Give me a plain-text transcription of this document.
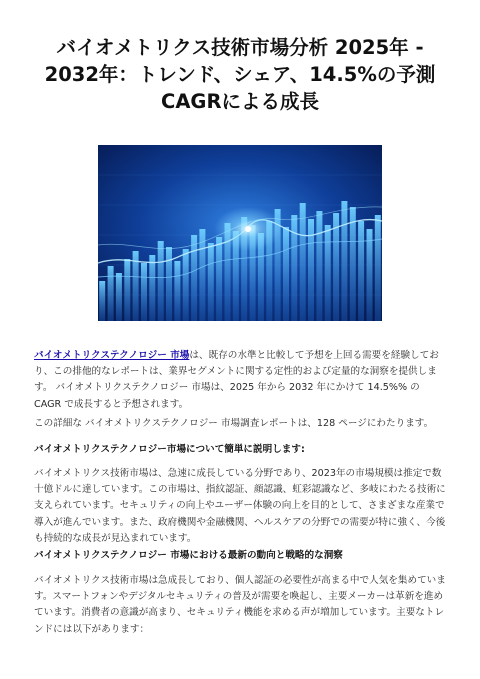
バイオメトリクス技術市場分析 2025年 - 2032年：トレンド、シェア、14.5%の予測CAGRによる成長

バイオメトリクステクノロジー 市場は、既存の水準と比較して予想を上回る需要を経験しており、この排他的なレポートは、業界セグメントに関する定性的および定量的な洞察を提供します。 バイオメトリクステクノロジー 市場は、2025 年から 2032 年にかけて 14.5%% の CAGR で成長すると予想されます。

この詳細な バイオメトリクステクノロジー 市場調査レポートは、128 ページにわたります。

バイオメトリクステクノロジー市場について簡単に説明します:

バイオメトリクス技術市場は、急速に成長している分野であり、2023年の市場規模は推定で数十億ドルに達しています。この市場は、指紋認証、顔認識、虹彩認識など、多岐にわたる技術に支えられています。セキュリティの向上やユーザー体験の向上を目的として、さまざまな産業で導入が進んでいます。また、政府機関や金融機関、ヘルスケアの分野での需要が特に強く、今後も持続的な成長が見込まれています。

バイオメトリクステクノロジー 市場における最新の動向と戦略的な洞察

バイオメトリクス技術市場は急成長しており、個人認証の必要性が高まる中で人気を集めています。スマートフォンやデジタルセキュリティの普及が需要を喚起し、主要メーカーは革新を進めています。消費者の意識が高まり、セキュリティ機能を求める声が増加しています。主要なトレンドには以下があります：
